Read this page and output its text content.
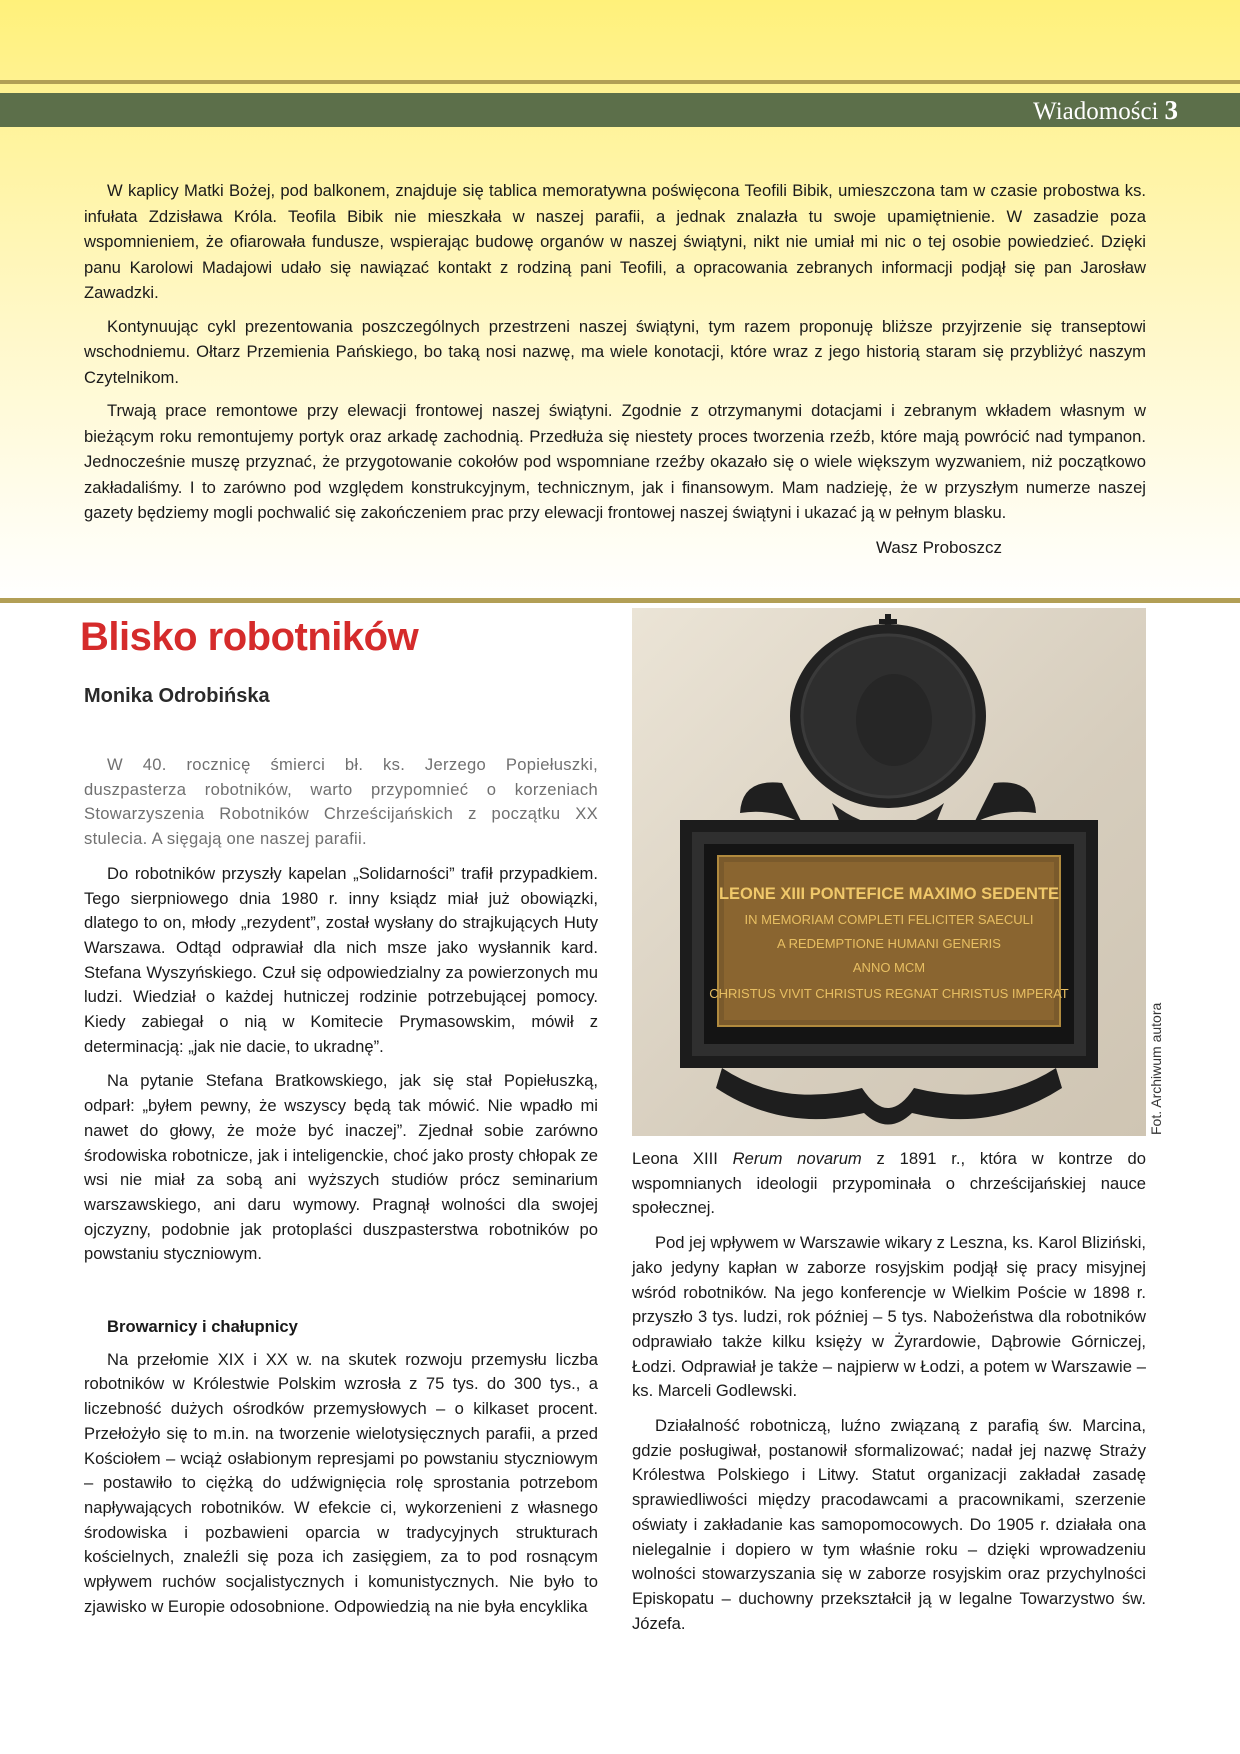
Wiadomości 3

W kaplicy Matki Bożej, pod balkonem, znajduje się tablica memoratywna poświęcona Teofili Bibik, umieszczona tam w czasie probostwa ks. infułata Zdzisława Króla. Teofila Bibik nie mieszkała w naszej parafii, a jednak znalazła tu swoje upamiętnienie. W zasadzie poza wspomnieniem, że ofiarowała fundusze, wspierając budowę organów w naszej świątyni, nikt nie umiał mi nic o tej osobie powiedzieć. Dzięki panu Karolowi Madajowi udało się nawiązać kontakt z rodziną pani Teofili, a opracowania zebranych informacji podjął się pan Jarosław Zawadzki.

Kontynuując cykl prezentowania poszczególnych przestrzeni naszej świątyni, tym razem proponuję bliższe przyjrzenie się transeptowi wschodniemu. Ołtarz Przemienia Pańskiego, bo taką nosi nazwę, ma wiele konotacji, które wraz z jego historią staram się przybliżyć naszym Czytelnikom.

Trwają prace remontowe przy elewacji frontowej naszej świątyni. Zgodnie z otrzymanymi dotacjami i zebranym wkładem własnym w bieżącym roku remontujemy portyk oraz arkadę zachodnią. Przedłuża się niestety proces tworzenia rzeźb, które mają powrócić nad tympanon. Jednocześnie muszę przyznać, że przygotowanie cokołów pod wspomniane rzeźby okazało się o wiele większym wyzwaniem, niż początkowo zakładaliśmy. I to zarówno pod względem konstrukcyjnym, technicznym, jak i finansowym. Mam nadzieję, że w przyszłym numerze naszej gazety będziemy mogli pochwalić się zakończeniem prac przy elewacji frontowej naszej świątyni i ukazać ją w pełnym blasku.

Wasz Proboszcz
Blisko robotników
Monika Odrobińska

W 40. rocznicę śmierci bł. ks. Jerzego Popiełuszki, duszpasterza robotników, warto przypomnieć o korzeniach Stowarzyszenia Robotników Chrześcijańskich z początku XX stulecia. A sięgają one naszej parafii.

Do robotników przyszły kapelan „Solidarności” trafił przypadkiem. Tego sierpniowego dnia 1980 r. inny ksiądz miał już obowiązki, dlatego to on, młody „rezydent”, został wysłany do strajkujących Huty Warszawa. Odtąd odprawiał dla nich msze jako wysłannik kard. Stefana Wyszyńskiego. Czuł się odpowiedzialny za powierzonych mu ludzi. Wiedział o każdej hutniczej rodzinie potrzebującej pomocy. Kiedy zabiegał o nią w Komitecie Prymasowskim, mówił z determinacją: „jak nie dacie, to ukradnę”.

Na pytanie Stefana Bratkowskiego, jak się stał Popiełuszką, odparł: „byłem pewny, że wszyscy będą tak mówić. Nie wpadło mi nawet do głowy, że może być inaczej”. Zjednał sobie zarówno środowiska robotnicze, jak i inteligenckie, choć jako prosty chłopak ze wsi nie miał za sobą ani wyższych studiów prócz seminarium warszawskiego, ani daru wymowy. Pragnął wolności dla swojej ojczyzny, podobnie jak protoplaści duszpasterstwa robotników po powstaniu styczniowym.

Browarnicy i chałupnicy

Na przełomie XIX i XX w. na skutek rozwoju przemysłu liczba robotników w Królestwie Polskim wzrosła z 75 tys. do 300 tys., a liczebność dużych ośrodków przemysłowych – o kilkaset procent. Przełożyło się to m.in. na tworzenie wielotysięcznych parafii, a przed Kościołem – wciąż osłabionym represjami po powstaniu styczniowym – postawiło to ciężką do udźwignięcia rolę sprostania potrzebom napływających robotników. W efekcie ci, wykorzenieni z własnego środowiska i pozbawieni oparcia w tradycyjnych strukturach kościelnych, znaleźli się poza ich zasięgiem, za to pod rosnącym wpływem ruchów socjalistycznych i komunistycznych. Nie było to zjawisko w Europie odosobnione. Odpowiedzią na nie była encyklika

LEONE XIII PONTEFICE MAXIMO SEDENTE
IN MEMORIAM COMPLETI FELICITER SAECULI
A REDEMPTIONE HUMANI GENERIS
ANNO MCM
CHRISTUS VIVIT CHRISTUS REGNAT CHRISTUS IMPERAT
Fot. Archiwum autora

Leona XIII Rerum novarum z 1891 r., która w kontrze do wspomnianych ideologii przypominała o chrześcijańskiej nauce społecznej.

Pod jej wpływem w Warszawie wikary z Leszna, ks. Karol Bliziński, jako jedyny kapłan w zaborze rosyjskim podjął się pracy misyjnej wśród robotników. Na jego konferencje w Wielkim Poście w 1898 r. przyszło 3 tys. ludzi, rok później – 5 tys. Nabożeństwa dla robotników odprawiało także kilku księży w Żyrardowie, Dąbrowie Górniczej, Łodzi. Odprawiał je także – najpierw w Łodzi, a potem w Warszawie – ks. Marceli Godlewski.

Działalność robotniczą, luźno związaną z parafią św. Marcina, gdzie posługiwał, postanowił sformalizować; nadał jej nazwę Straży Królestwa Polskiego i Litwy. Statut organizacji zakładał zasadę sprawiedliwości między pracodawcami a pracownikami, szerzenie oświaty i zakładanie kas samopomocowych. Do 1905 r. działała ona nielegalnie i dopiero w tym właśnie roku – dzięki wprowadzeniu wolności stowarzyszania się w zaborze rosyjskim oraz przychylności Episkopatu – duchowny przekształcił ją w legalne Towarzystwo św. Józefa.
